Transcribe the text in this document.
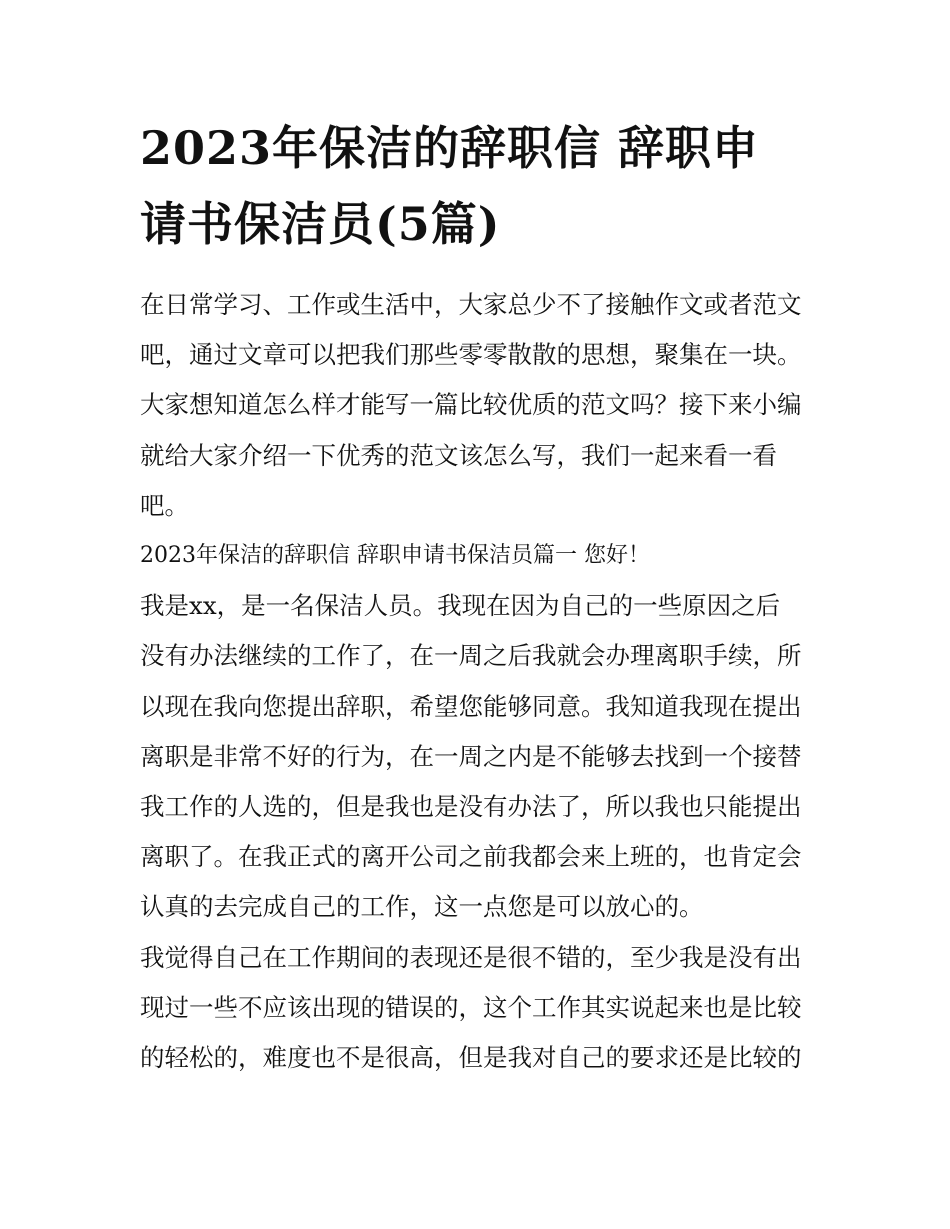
2023年保洁的辞职信 辞职申
请书保洁员(5篇)
在日常学习、工作或生活中，大家总少不了接触作文或者范文
吧，通过文章可以把我们那些零零散散的思想，聚集在一块。
大家想知道怎么样才能写一篇比较优质的范文吗？接下来小编
就给大家介绍一下优秀的范文该怎么写，我们一起来看一看
吧。
2023年保洁的辞职信 辞职申请书保洁员篇一 您好！
我是xx，是一名保洁人员。我现在因为自己的一些原因之后
没有办法继续的工作了，在一周之后我就会办理离职手续，所
以现在我向您提出辞职，希望您能够同意。我知道我现在提出
离职是非常不好的行为，在一周之内是不能够去找到一个接替
我工作的人选的，但是我也是没有办法了，所以我也只能提出
离职了。在我正式的离开公司之前我都会来上班的，也肯定会
认真的去完成自己的工作，这一点您是可以放心的。
我觉得自己在工作期间的表现还是很不错的，至少我是没有出
现过一些不应该出现的错误的，这个工作其实说起来也是比较
的轻松的，难度也不是很高，但是我对自己的要求还是比较的
